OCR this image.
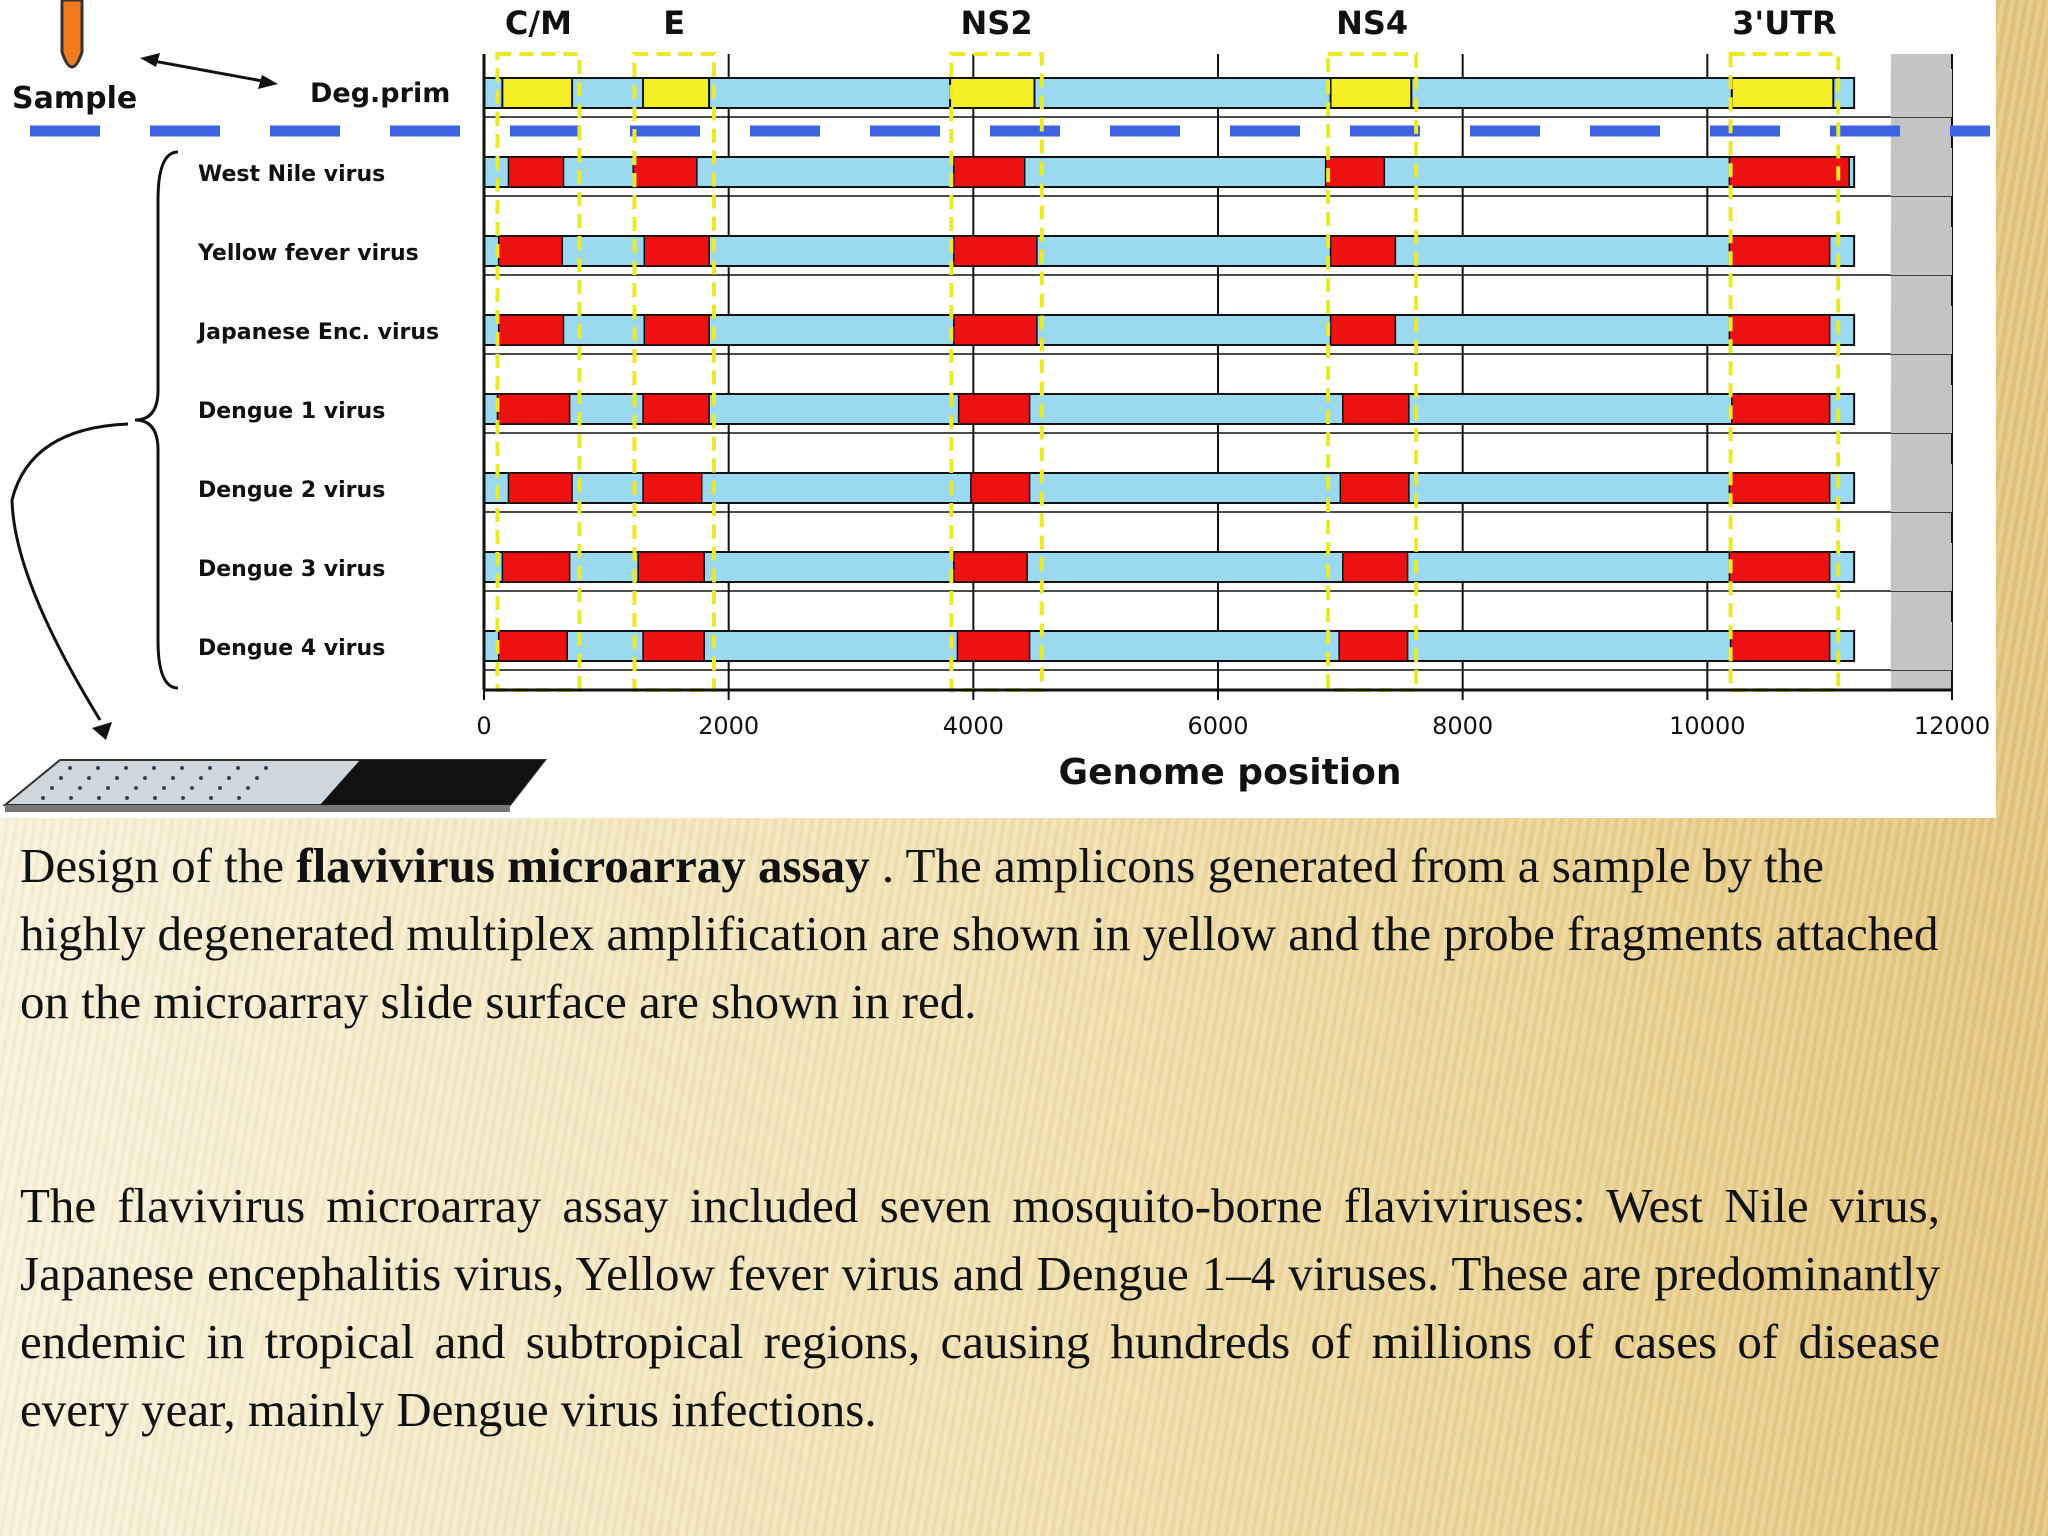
West Nile virus
Yellow fever virus
Japanese Enc. virus
Dengue 1 virus
Dengue 2 virus
Dengue 3 virus
Dengue 4 virus
0	2000	4000	6000	8000	10000	12000
Genome position
C/M	E	NS2	NS4	3'UTR
Sample	Deg.prim
Design of the flavivirus microarray assay . The amplicons generated from a sample by the highly degenerated multiplex amplification are shown in yellow and the probe fragments attached on the microarray slide surface are shown in red.
The flavivirus microarray assay included seven mosquito-borne flaviviruses: West Nile virus, Japanese encephalitis virus, Yellow fever virus and Dengue 1–4 viruses. These are predominantly endemic in tropical and subtropical regions, causing hundreds of millions of cases of disease every year, mainly Dengue virus infections.
